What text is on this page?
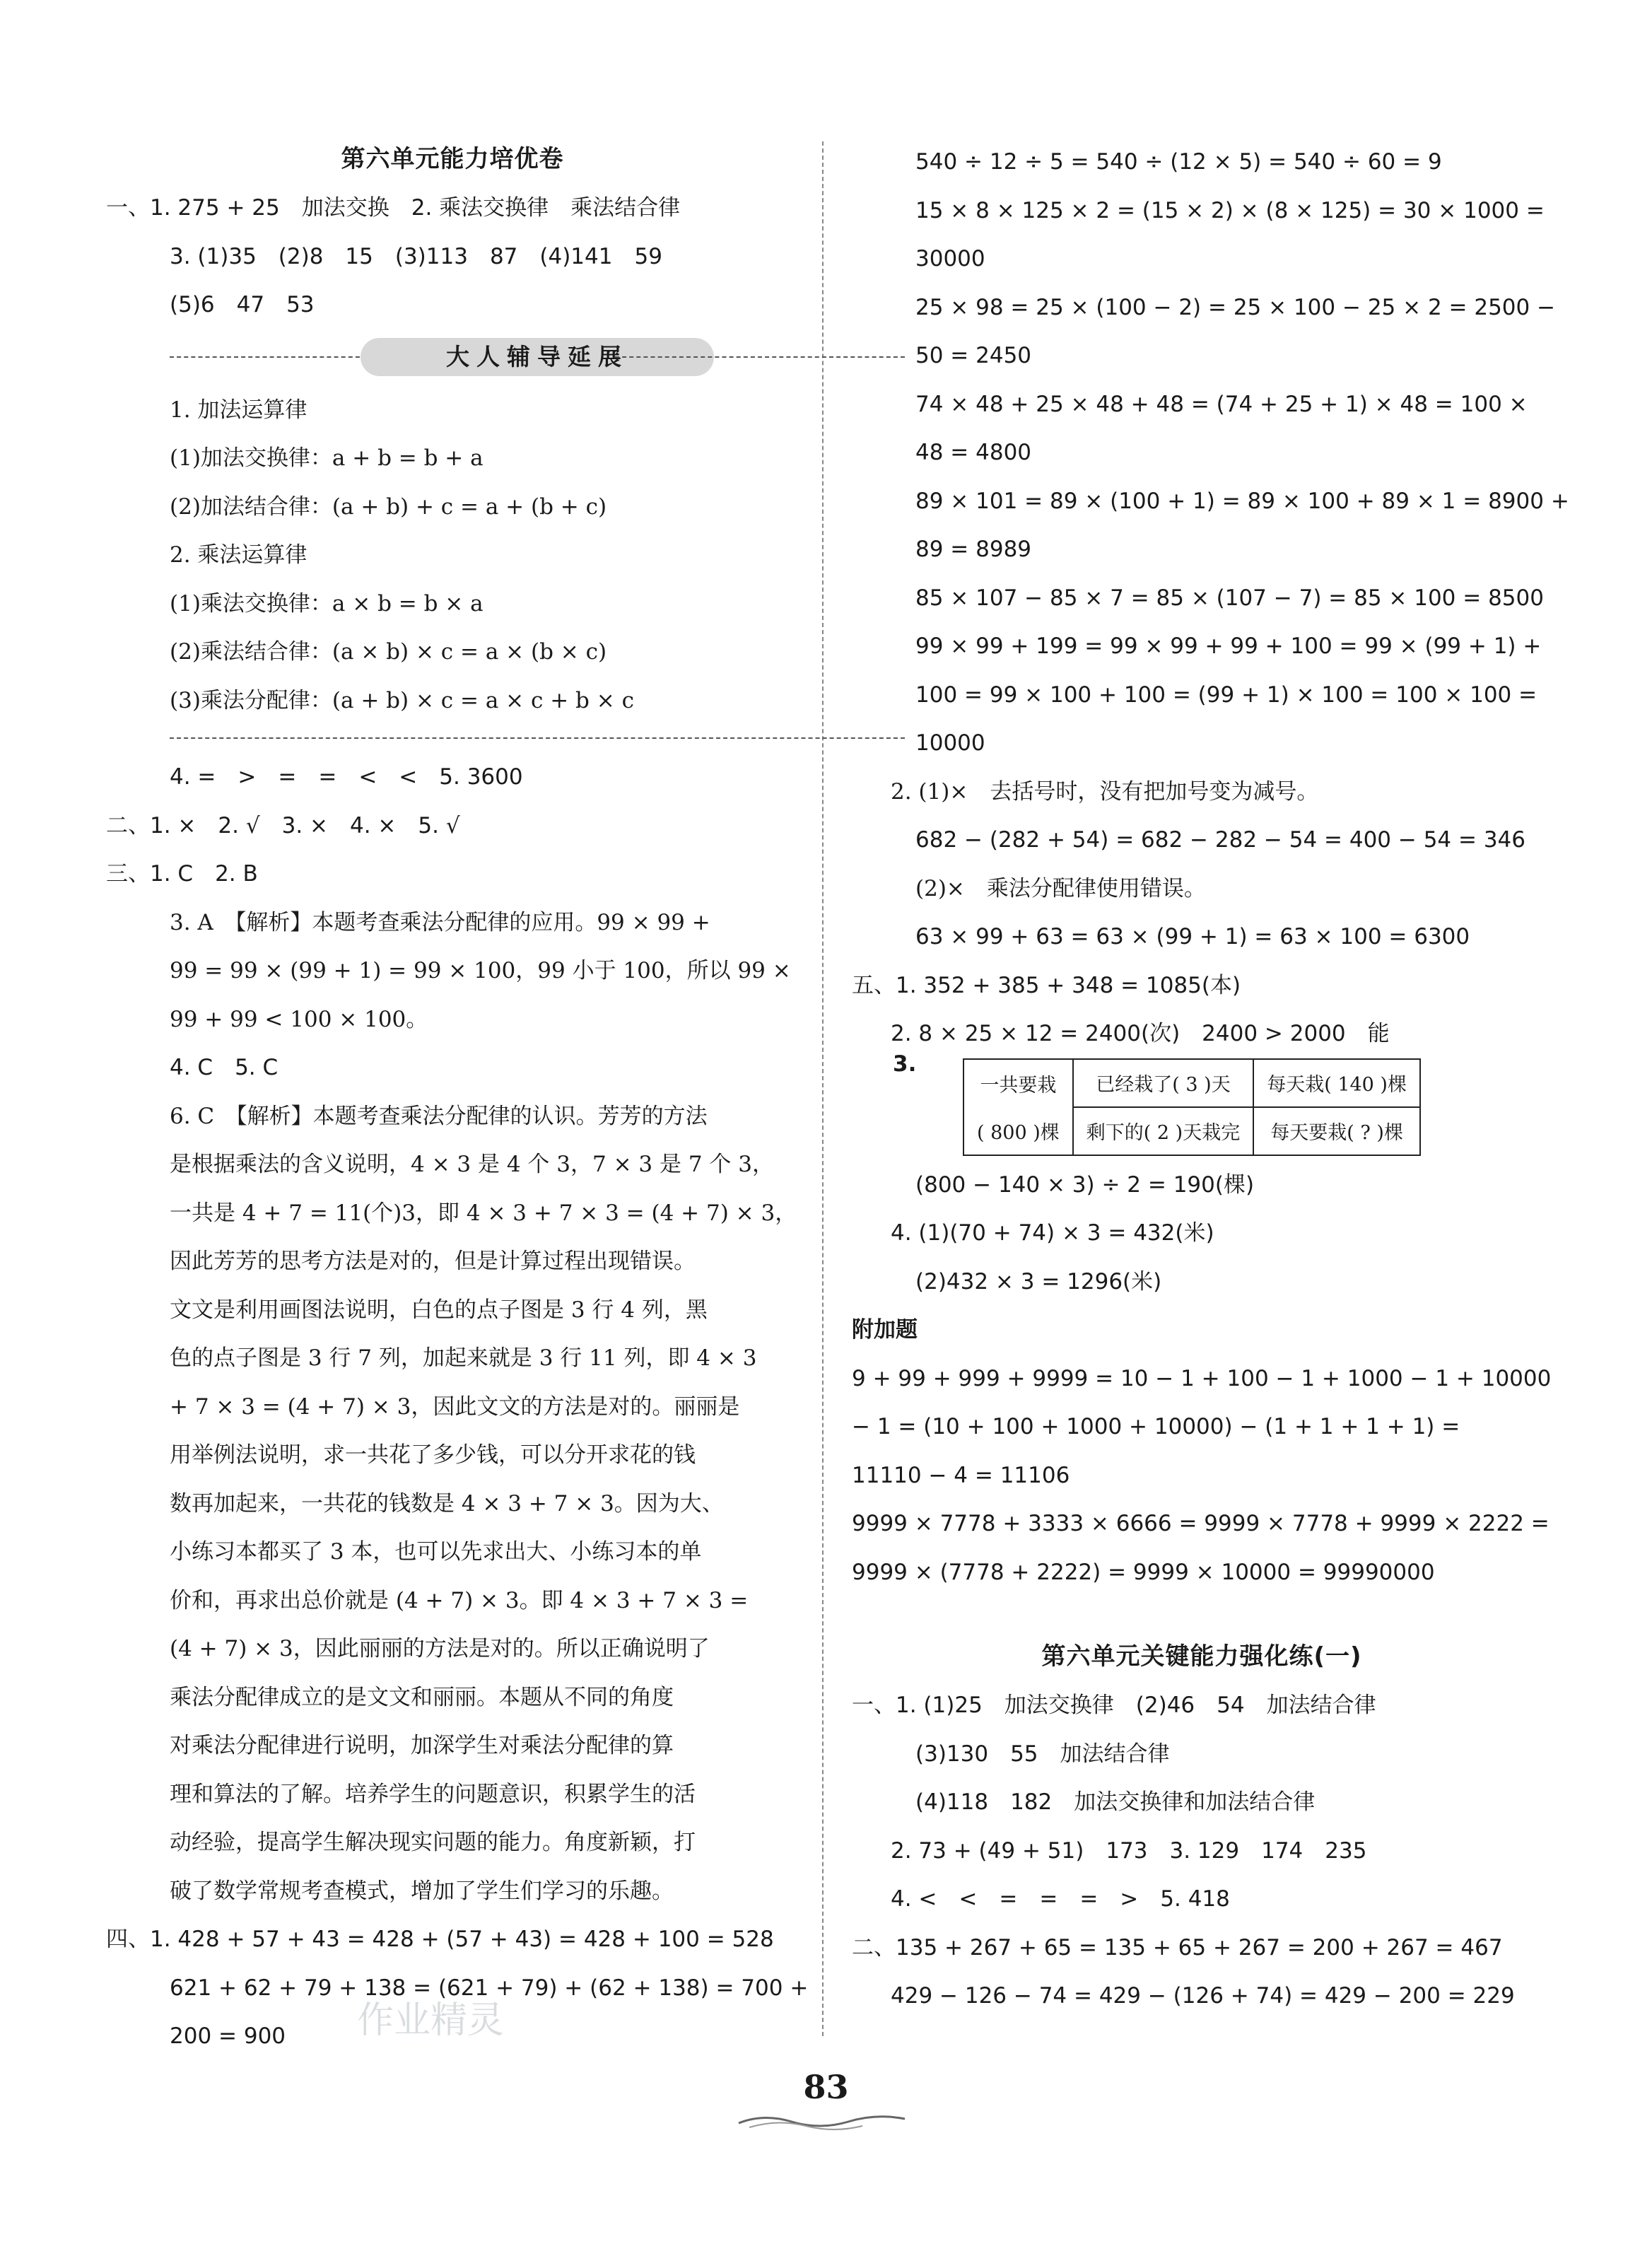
第六单元能力培优卷
一、1. 275 + 25　加法交换　2. 乘法交换律　乘法结合律
3. (1)35　(2)8　15　(3)113　87　(4)141　59
(5)6　47　53
大人辅导延展
1. 加法运算律
(1)加法交换律：a + b = b + a
(2)加法结合律：(a + b) + c = a + (b + c)
2. 乘法运算律
(1)乘法交换律：a × b = b × a
(2)乘法结合律：(a × b) × c = a × (b × c)
(3)乘法分配律：(a + b) × c = a × c + b × c
4. =　>　=　=　<　<　5. 3600
二、1. ×　2. √　3. ×　4. ×　5. √
三、1. C　2. B
3. A　【解析】本题考查乘法分配律的应用。99 × 99 +
99 = 99 × (99 + 1) = 99 × 100，99 小于 100，所以 99 ×
99 + 99 < 100 × 100。
4. C　5. C
6. C　【解析】本题考查乘法分配律的认识。芳芳的方法
是根据乘法的含义说明，4 × 3 是 4 个 3，7 × 3 是 7 个 3，
一共是 4 + 7 = 11(个)3，即 4 × 3 + 7 × 3 = (4 + 7) × 3，
因此芳芳的思考方法是对的，但是计算过程出现错误。
文文是利用画图法说明，白色的点子图是 3 行 4 列，黑
色的点子图是 3 行 7 列，加起来就是 3 行 11 列，即 4 × 3
+ 7 × 3 = (4 + 7) × 3，因此文文的方法是对的。丽丽是
用举例法说明，求一共花了多少钱，可以分开求花的钱
数再加起来，一共花的钱数是 4 × 3 + 7 × 3。因为大、
小练习本都买了 3 本，也可以先求出大、小练习本的单
价和，再求出总价就是 (4 + 7) × 3。即 4 × 3 + 7 × 3 =
(4 + 7) × 3，因此丽丽的方法是对的。所以正确说明了
乘法分配律成立的是文文和丽丽。本题从不同的角度
对乘法分配律进行说明，加深学生对乘法分配律的算
理和算法的了解。培养学生的问题意识，积累学生的活
动经验，提高学生解决现实问题的能力。角度新颖，打
破了数学常规考查模式，增加了学生们学习的乐趣。
四、1. 428 + 57 + 43 = 428 + (57 + 43) = 428 + 100 = 528
621 + 62 + 79 + 138 = (621 + 79) + (62 + 138) = 700 +
200 = 900
540 ÷ 12 ÷ 5 = 540 ÷ (12 × 5) = 540 ÷ 60 = 9
15 × 8 × 125 × 2 = (15 × 2) × (8 × 125) = 30 × 1000 =
30000
25 × 98 = 25 × (100 − 2) = 25 × 100 − 25 × 2 = 2500 −
50 = 2450
74 × 48 + 25 × 48 + 48 = (74 + 25 + 1) × 48 = 100 ×
48 = 4800
89 × 101 = 89 × (100 + 1) = 89 × 100 + 89 × 1 = 8900 +
89 = 8989
85 × 107 − 85 × 7 = 85 × (107 − 7) = 85 × 100 = 8500
99 × 99 + 199 = 99 × 99 + 99 + 100 = 99 × (99 + 1) +
100 = 99 × 100 + 100 = (99 + 1) × 100 = 100 × 100 =
10000
2. (1)×　去括号时，没有把加号变为减号。
682 − (282 + 54) = 682 − 282 − 54 = 400 − 54 = 346
(2)×　乘法分配律使用错误。
63 × 99 + 63 = 63 × (99 + 1) = 63 × 100 = 6300
五、1. 352 + 385 + 348 = 1085(本)
2. 8 × 25 × 12 = 2400(次)　2400 > 2000　能
3.
一共要栽	已经栽了( 3 )天	每天栽( 140 )棵
( 800 )棵	剩下的( 2 )天栽完	每天要栽( ? )棵
(800 − 140 × 3) ÷ 2 = 190(棵)
4. (1)(70 + 74) × 3 = 432(米)
(2)432 × 3 = 1296(米)
附加题
9 + 99 + 999 + 9999 = 10 − 1 + 100 − 1 + 1000 − 1 + 10000
− 1 = (10 + 100 + 1000 + 10000) − (1 + 1 + 1 + 1) =
11110 − 4 = 11106
9999 × 7778 + 3333 × 6666 = 9999 × 7778 + 9999 × 2222 =
9999 × (7778 + 2222) = 9999 × 10000 = 99990000
第六单元关键能力强化练(一)
一、1. (1)25　加法交换律　(2)46　54　加法结合律
(3)130　55　加法结合律
(4)118　182　加法交换律和加法结合律
2. 73 + (49 + 51)　173　3. 129　174　235
4. <　<　=　=　=　>　5. 418
二、135 + 267 + 65 = 135 + 65 + 267 = 200 + 267 = 467
429 − 126 − 74 = 429 − (126 + 74) = 429 − 200 = 229
作业精灵
83
